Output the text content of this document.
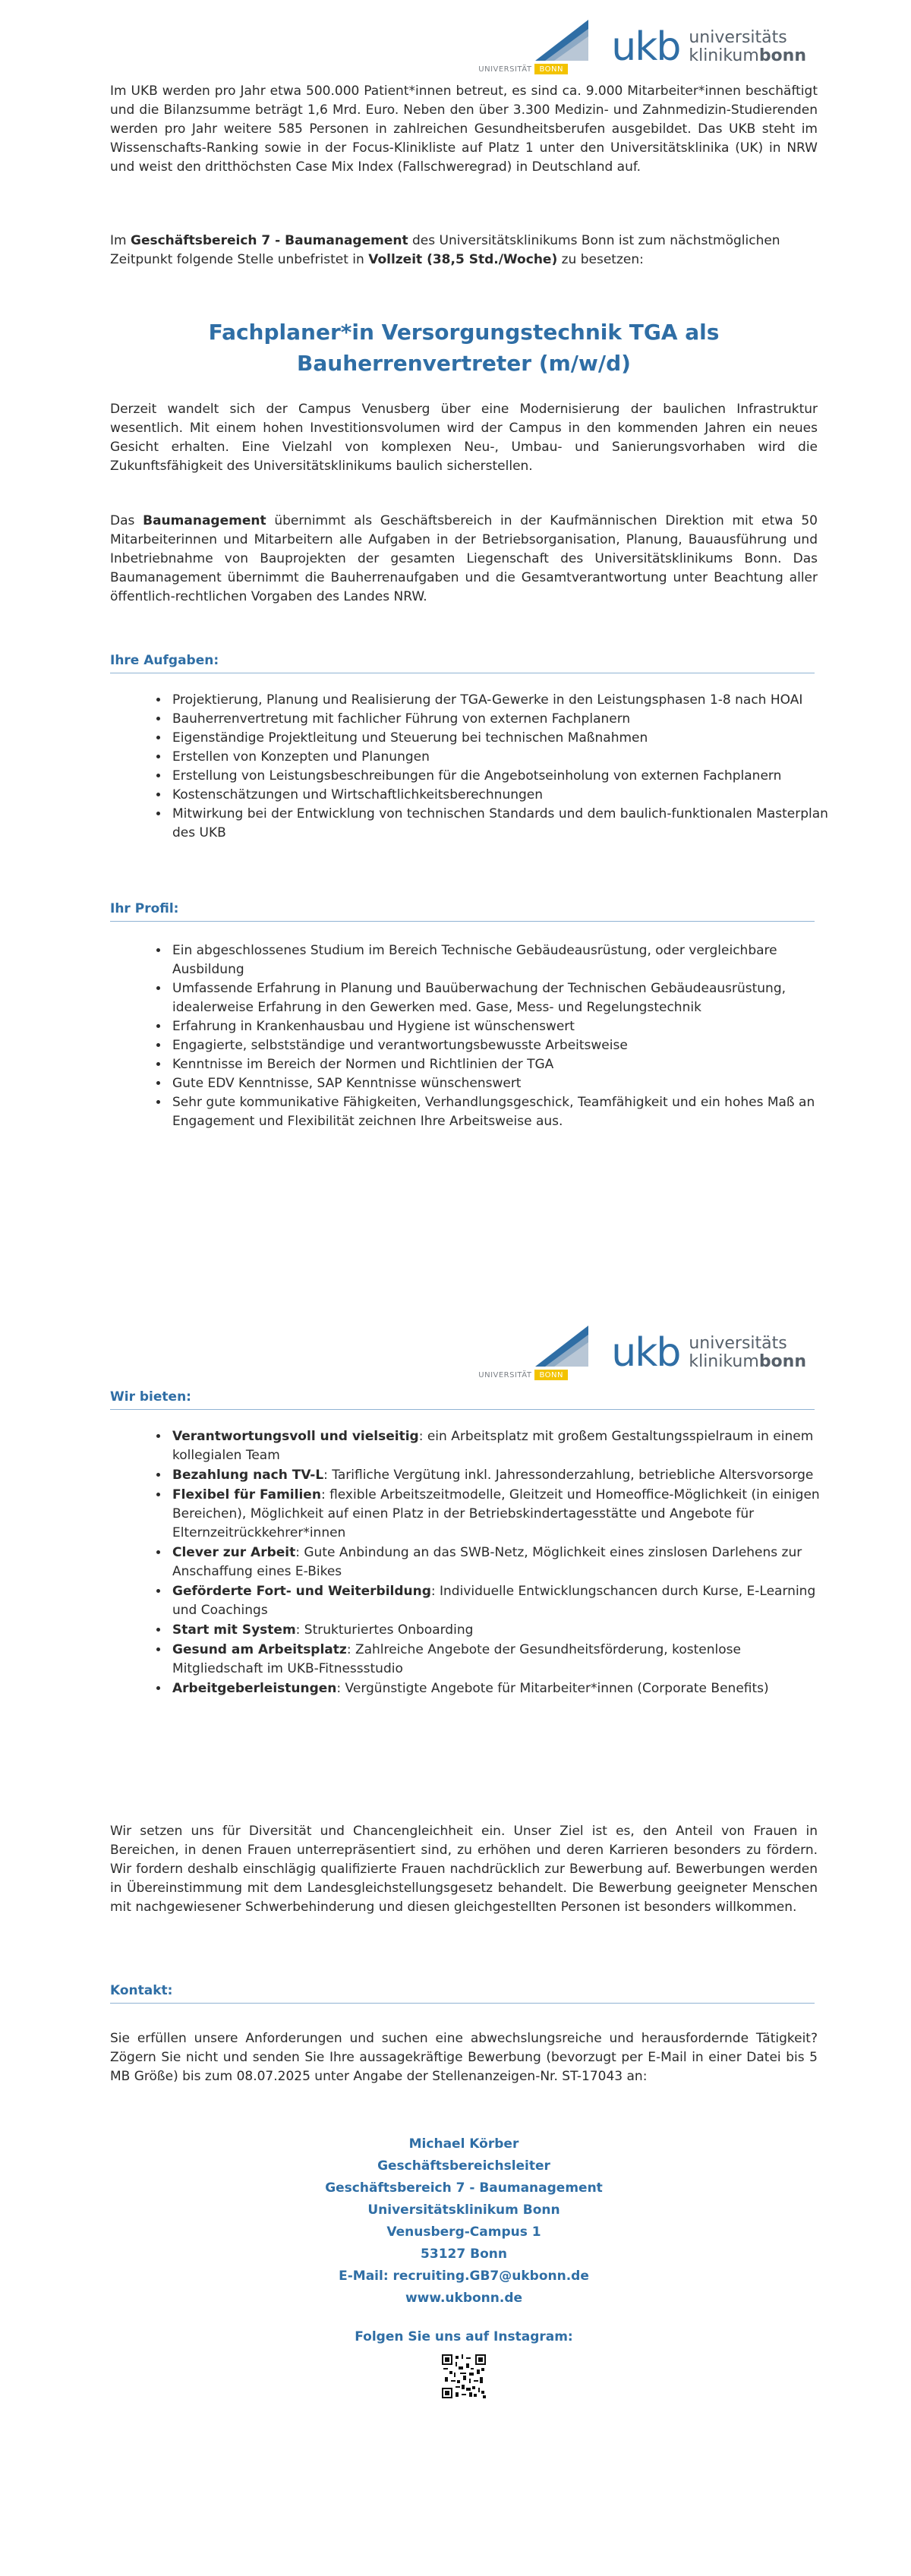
UNIVERSITÄT	BONN ukb universitäts
klinikumbonn

Im UKB werden pro Jahr etwa 500.000 Patient*innen betreut, es sind ca. 9.000 Mitarbeiter*innen beschäftigt und die Bilanzsumme beträgt 1,6 Mrd. Euro. Neben den über 3.300 Medizin- und Zahnmedizin-Studierenden werden pro Jahr weitere 585 Personen in zahlreichen Gesundheitsberufen ausgebildet. Das UKB steht im Wissenschafts-Ranking sowie in der Focus-Klinikliste auf Platz 1 unter den Universitätsklinika (UK) in NRW und weist den dritthöchsten Case Mix Index (Fallschweregrad) in Deutschland auf.

Im Geschäftsbereich 7 - Baumanagement des Universitätsklinikums Bonn ist zum nächstmöglichen Zeitpunkt folgende Stelle unbefristet in Vollzeit (38,5 Std./Woche) zu besetzen:

Fachplaner*in Versorgungstechnik TGA als Bauherrenvertreter (m/w/d)

Derzeit wandelt sich der Campus Venusberg über eine Modernisierung der baulichen Infrastruktur wesentlich. Mit einem hohen Investitionsvolumen wird der Campus in den kommenden Jahren ein neues Gesicht erhalten. Eine Vielzahl von komplexen Neu-, Umbau- und Sanierungsvorhaben wird die Zukunftsfähigkeit des Universitätsklinikums baulich sicherstellen.

Das Baumanagement übernimmt als Geschäftsbereich in der Kaufmännischen Direktion mit etwa 50 Mitarbeiterinnen und Mitarbeitern alle Aufgaben in der Betriebsorganisation, Planung, Bauausführung und Inbetriebnahme von Bauprojekten der gesamten Liegenschaft des Universitätsklinikums Bonn. Das Baumanagement übernimmt die Bauherrenaufgaben und die Gesamtverantwortung unter Beachtung aller öffentlich-rechtlichen Vorgaben des Landes NRW.

Ihre Aufgaben:
• Projektierung, Planung und Realisierung der TGA-Gewerke in den Leistungsphasen 1-8 nach HOAI
• Bauherrenvertretung mit fachlicher Führung von externen Fachplanern
• Eigenständige Projektleitung und Steuerung bei technischen Maßnahmen
• Erstellen von Konzepten und Planungen
• Erstellung von Leistungsbeschreibungen für die Angebotseinholung von externen Fachplanern
• Kostenschätzungen und Wirtschaftlichkeitsberechnungen
• Mitwirkung bei der Entwicklung von technischen Standards und dem baulich-funktionalen Masterplan des UKB
Ihr Profil:
• Ein abgeschlossenes Studium im Bereich Technische Gebäudeausrüstung, oder vergleichbare Ausbildung
• Umfassende Erfahrung in Planung und Bauüberwachung der Technischen Gebäudeausrüstung, idealerweise Erfahrung in den Gewerken med. Gase, Mess- und Regelungstechnik
• Erfahrung in Krankenhausbau und Hygiene ist wünschenswert
• Engagierte, selbstständige und verantwortungsbewusste Arbeitsweise
• Kenntnisse im Bereich der Normen und Richtlinien der TGA
• Gute EDV Kenntnisse, SAP Kenntnisse wünschenswert
• Sehr gute kommunikative Fähigkeiten, Verhandlungsgeschick, Teamfähigkeit und ein hohes Maß an Engagement und Flexibilität zeichnen Ihre Arbeitsweise aus.
UNIVERSITÄT	BONN ukb universitäts
klinikumbonn
Wir bieten:
• Verantwortungsvoll und vielseitig: ein Arbeitsplatz mit großem Gestaltungsspielraum in einem kollegialen Team
• Bezahlung nach TV-L: Tarifliche Vergütung inkl. Jahressonderzahlung, betriebliche Altersvorsorge
• Flexibel für Familien: flexible Arbeitszeitmodelle, Gleitzeit und Homeoffice-Möglichkeit (in einigen Bereichen), Möglichkeit auf einen Platz in der Betriebskindertagesstätte und Angebote für Elternzeitrückkehrer*innen
• Clever zur Arbeit: Gute Anbindung an das SWB-Netz, Möglichkeit eines zinslosen Darlehens zur Anschaffung eines E-Bikes
• Geförderte Fort- und Weiterbildung: Individuelle Entwicklungschancen durch Kurse, E-Learning und Coachings
• Start mit System: Strukturiertes Onboarding
• Gesund am Arbeitsplatz: Zahlreiche Angebote der Gesundheitsförderung, kostenlose Mitgliedschaft im UKB-Fitnessstudio
• Arbeitgeberleistungen: Vergünstigte Angebote für Mitarbeiter*innen (Corporate Benefits)

Wir setzen uns für Diversität und Chancengleichheit ein. Unser Ziel ist es, den Anteil von Frauen in Bereichen, in denen Frauen unterrepräsentiert sind, zu erhöhen und deren Karrieren besonders zu fördern. Wir fordern deshalb einschlägig qualifizierte Frauen nachdrücklich zur Bewerbung auf. Bewerbungen werden in Übereinstimmung mit dem Landesgleichstellungsgesetz behandelt. Die Bewerbung geeigneter Menschen mit nachgewiesener Schwerbehinderung und diesen gleichgestellten Personen ist besonders willkommen.

Kontakt:

Sie erfüllen unsere Anforderungen und suchen eine abwechslungsreiche und herausfordernde Tätigkeit? Zögern Sie nicht und senden Sie Ihre aussagekräftige Bewerbung (bevorzugt per E-Mail in einer Datei bis 5 MB Größe) bis zum 08.07.2025 unter Angabe der Stellenanzeigen-Nr. ST-17043 an:

Michael Körber
Geschäftsbereichsleiter
Geschäftsbereich 7 - Baumanagement
Universitätsklinikum Bonn
Venusberg-Campus 1
53127 Bonn
E-Mail: recruiting.GB7@ukbonn.de
www.ukbonn.de
Folgen Sie uns auf Instagram:
